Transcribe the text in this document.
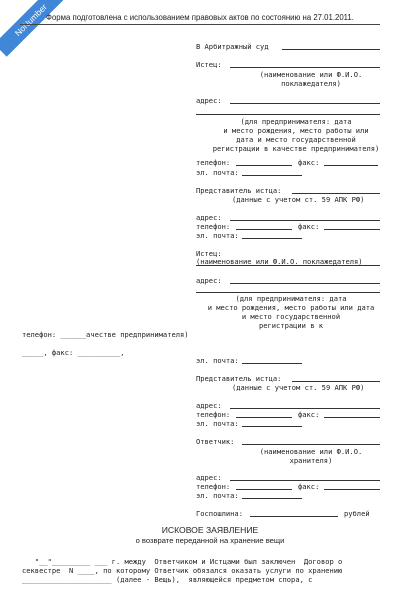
NoNumber
Форма подготовлена с использованием правовых актов по состоянию на 27.01.2011.
В Арбитражный суд
Истец:
(наименование или Ф.И.О.
поклажедателя)
адрес:
(для предпринимателя: дата
и место рождения, место работы или
дата и место государственной
регистрации в качестве предпринимателя)
телефон:	факс:
эл. почта:
Представитель истца:
(данные с учетом ст. 59 АПК РФ)
адрес:
телефон:	факс:
эл. почта:
Истец:
(наименование или Ф.И.О. поклажедателя)
адрес:
(для предпринимателя: дата
и место рождения, место работы или дата
и место государственной
регистрации в к
телефон: ______ачестве предпринимателя)
_____, факс: __________,
эл. почта:
Представитель истца:
(данные с учетом ст. 59 АПК РФ)
адрес:
телефон:	факс:
эл. почта:
Ответчик:
(наименование или Ф.И.О.
хранителя)
адрес:
телефон:	факс:
эл. почта:
Госпошлина:	рублей
ИСКОВОЕ ЗАЯВЛЕНИЕ
о возврате переданной на хранение вещи
"__"_________ ___ г. между  Ответчиком и Истцами был заключен  Договор о
секвестре  N ____, по которому Ответчик обязался оказать услуги по хранению
_____________________ (далее - Вещь),  являющейся предметом спора, с
